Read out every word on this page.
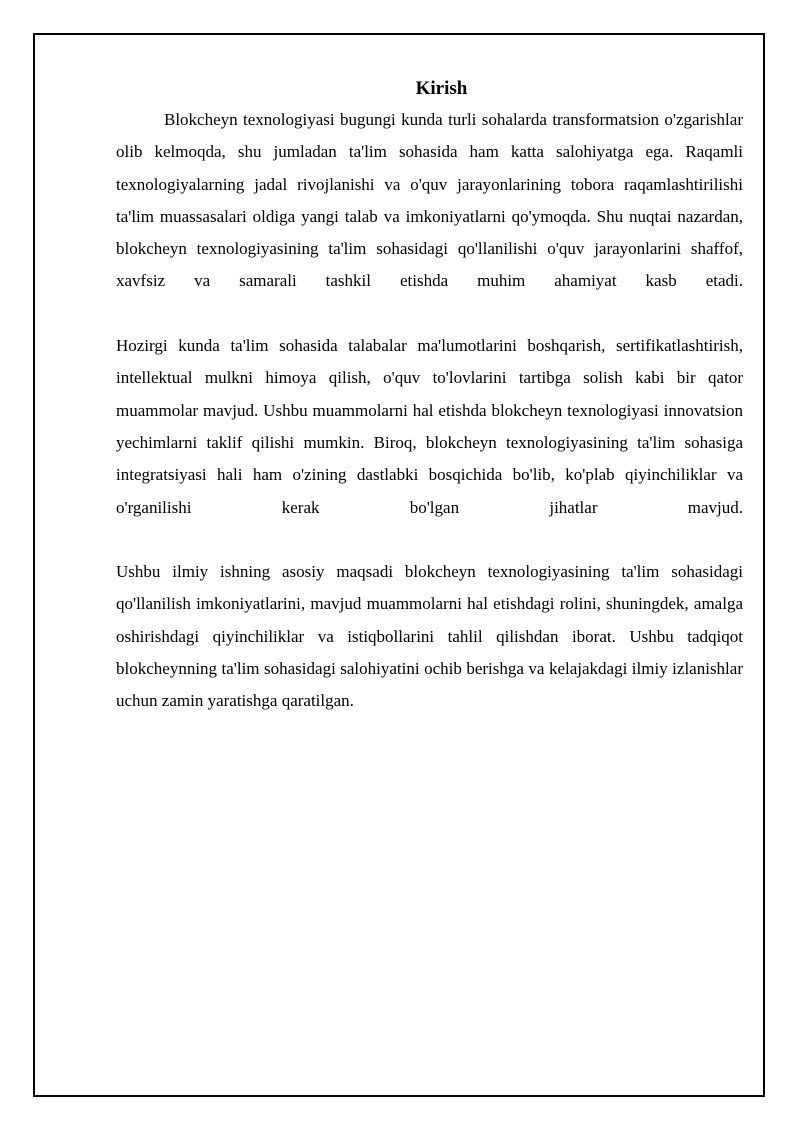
Kirish

Blokcheyn texnologiyasi bugungi kunda turli sohalarda transformatsion o'zgarishlar olib kelmoqda, shu jumladan ta'lim sohasida ham katta salohiyatga ega. Raqamli texnologiyalarning jadal rivojlanishi va o'quv jarayonlarining tobora raqamlashtirilishi ta'lim muassasalari oldiga yangi talab va imkoniyatlarni qo'ymoqda. Shu nuqtai nazardan, blokcheyn texnologiyasining ta'lim sohasidagi qo'llanilishi o'quv jarayonlarini shaffof, xavfsiz va samarali tashkil etishda muhim ahamiyat kasb etadi.

Hozirgi kunda ta'lim sohasida talabalar ma'lumotlarini boshqarish, sertifikatlashtirish, intellektual mulkni himoya qilish, o'quv to'lovlarini tartibga solish kabi bir qator muammolar mavjud. Ushbu muammolarni hal etishda blokcheyn texnologiyasi innovatsion yechimlarni taklif qilishi mumkin. Biroq, blokcheyn texnologiyasining ta'lim sohasiga integratsiyasi hali ham o'zining dastlabki bosqichida bo'lib, ko'plab qiyinchiliklar va o'rganilishi kerak bo'lgan jihatlar mavjud.

Ushbu ilmiy ishning asosiy maqsadi blokcheyn texnologiyasining ta'lim sohasidagi qo'llanilish imkoniyatlarini, mavjud muammolarni hal etishdagi rolini, shuningdek, amalga oshirishdagi qiyinchiliklar va istiqbollarini tahlil qilishdan iborat. Ushbu tadqiqot blokcheynning ta'lim sohasidagi salohiyatini ochib berishga va kelajakdagi ilmiy izlanishlar uchun zamin yaratishga qaratilgan.
